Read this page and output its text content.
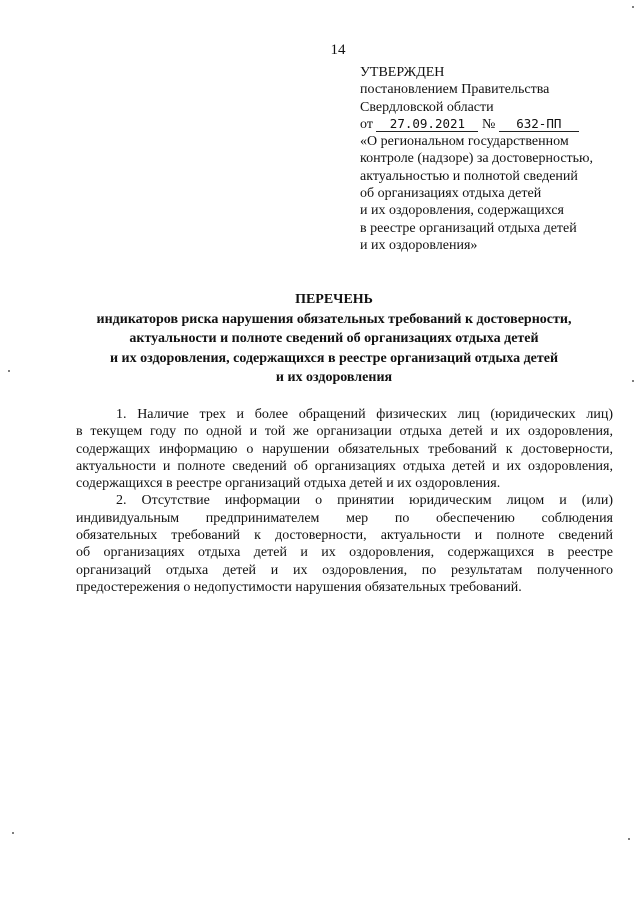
14
УТВЕРЖДЕН
постановлением Правительства
Свердловской области
от 27.09.2021 № 632-ПП
«О региональном государственном
контроле (надзоре) за достоверностью,
актуальностью и полнотой сведений
об организациях отдыха детей
и их оздоровления, содержащихся
в реестре организаций отдыха детей
и их оздоровления»
ПЕРЕЧЕНЬ
индикаторов риска нарушения обязательных требований к достоверности,
актуальности и полноте сведений об организациях отдыха детей
и их оздоровления, содержащихся в реестре организаций отдыха детей
и их оздоровления
1. Наличие трех и более обращений физических лиц (юридических лиц)
в текущем году по одной и той же организации отдыха детей и их оздоровления,
содержащих информацию о нарушении обязательных требований к достоверности,
актуальности и полноте сведений об организациях отдыха детей и их оздоровления,
содержащихся в реестре организаций отдыха детей и их оздоровления.
2. Отсутствие информации о принятии юридическим лицом и (или)
индивидуальным предпринимателем мер по обеспечению соблюдения
обязательных требований к достоверности, актуальности и полноте сведений
об организациях отдыха детей и их оздоровления, содержащихся в реестре
организаций отдыха детей и их оздоровления, по результатам полученного
предостережения о недопустимости нарушения обязательных требований.
